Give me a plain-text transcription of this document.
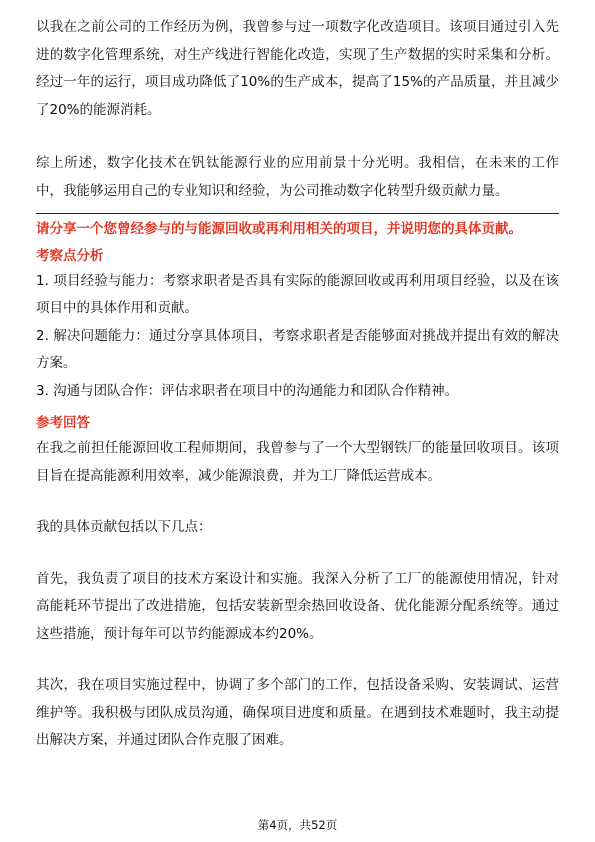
以我在之前公司的工作经历为例，我曾参与过一项数字化改造项目。该项目通过引入先进的数字化管理系统，对生产线进行智能化改造，实现了生产数据的实时采集和分析。经过一年的运行，项目成功降低了10%的生产成本，提高了15%的产品质量，并且减少了20%的能源消耗。

综上所述，数字化技术在钒钛能源行业的应用前景十分光明。我相信，在未来的工作中，我能够运用自己的专业知识和经验，为公司推动数字化转型升级贡献力量。

请分享一个您曾经参与的与能源回收或再利用相关的项目，并说明您的具体贡献。

考察点分析

1. 项目经验与能力：考察求职者是否具有实际的能源回收或再利用项目经验，以及在该项目中的具体作用和贡献。

2. 解决问题能力：通过分享具体项目，考察求职者是否能够面对挑战并提出有效的解决方案。

3. 沟通与团队合作：评估求职者在项目中的沟通能力和团队合作精神。

参考回答

在我之前担任能源回收工程师期间，我曾参与了一个大型钢铁厂的能量回收项目。该项目旨在提高能源利用效率，减少能源浪费，并为工厂降低运营成本。

我的具体贡献包括以下几点：

首先，我负责了项目的技术方案设计和实施。我深入分析了工厂的能源使用情况，针对高能耗环节提出了改进措施，包括安装新型余热回收设备、优化能源分配系统等。通过这些措施，预计每年可以节约能源成本约20%。

其次，我在项目实施过程中，协调了多个部门的工作，包括设备采购、安装调试、运营维护等。我积极与团队成员沟通，确保项目进度和质量。在遇到技术难题时，我主动提出解决方案，并通过团队合作克服了困难。

第4页，共52页
